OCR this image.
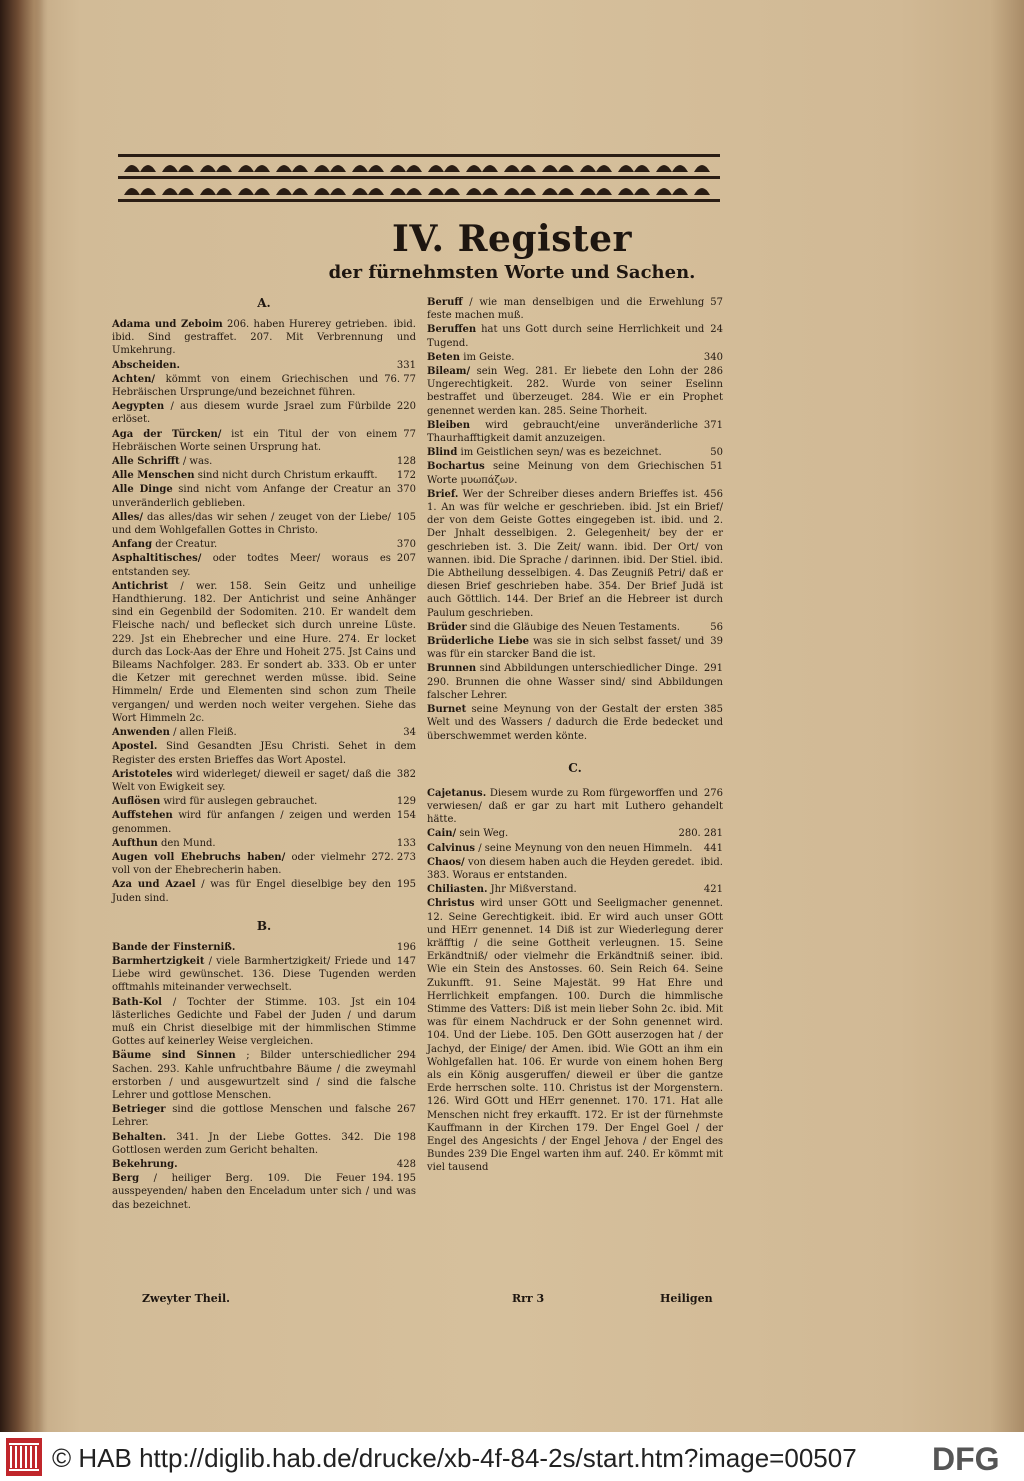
IV. Register
der fürnehmsten Worte und Sachen.
A.
ibid.
Adama und Zeboim 206. haben Hurerey getrieben. ibid. Sind gestraffet. 207. Mit Verbrennung und Umkehrung.
331
Abscheiden.
76. 77
Achten/ kömmt von einem Griechischen und Hebräischen Ursprunge/und bezeichnet führen.
220
Aegypten / aus diesem wurde Jsrael zum Fürbilde erlöset.
77
Aga der Türcken/ ist ein Titul der von einem Hebräischen Worte seinen Ursprung hat.
128
Alle Schrifft / was.
172
Alle Menschen sind nicht durch Christum erkaufft.
370
Alle Dinge sind nicht vom Anfange der Creatur an unveränderlich geblieben.
105
Alles/ das alles/das wir sehen / zeuget von der Liebe/ und dem Wohlgefallen Gottes in Christo.
370
Anfang der Creatur.
207
Asphaltitisches/ oder todtes Meer/ woraus es entstanden sey.
Antichrist / wer. 158. Sein Geitz und unheilige Handthierung. 182. Der Antichrist und seine Anhänger sind ein Gegenbild der Sodomiten. 210. Er wandelt dem Fleische nach/ und beflecket sich durch unreine Lüste. 229. Jst ein Ehebrecher und eine Hure. 274. Er locket durch das Lock-Aas der Ehre und Hoheit 275. Jst Cains und Bileams Nachfolger. 283. Er sondert ab. 333. Ob er unter die Ketzer mit gerechnet werden müsse. ibid. Seine Himmeln/ Erde und Elementen sind schon zum Theile vergangen/ und werden noch weiter vergehen. Siehe das Wort Himmeln 2c.
34
Anwenden / allen Fleiß.
Apostel. Sind Gesandten JEsu Christi. Sehet in dem Register des ersten Brieffes das Wort Apostel.
382
Aristoteles wird widerleget/ dieweil er saget/ daß die Welt von Ewigkeit sey.
129
Auflösen wird für auslegen gebrauchet.
154
Auffstehen wird für anfangen / zeigen und werden genommen.
133
Aufthun den Mund.
272. 273
Augen voll Ehebruchs haben/ oder vielmehr voll von der Ehebrecherin haben.
195
Aza und Azael / was für Engel dieselbige bey den Juden sind.
B.
196
Bande der Finsterniß.
147
Barmhertzigkeit / viele Barmhertzigkeit/ Friede und Liebe wird gewünschet. 136. Diese Tugenden werden offtmahls miteinander verwechselt.
104
Bath-Kol / Tochter der Stimme. 103. Jst ein lästerliches Gedichte und Fabel der Juden / und darum muß ein Christ dieselbige mit der himmlischen Stimme Gottes auf keinerley Weise vergleichen.
294
Bäume sind Sinnen ; Bilder unterschiedlicher Sachen. 293. Kahle unfruchtbahre Bäume / die zweymahl erstorben / und ausgewurtzelt sind / sind die falsche Lehrer und gottlose Menschen.
267
Betrieger sind die gottlose Menschen und falsche Lehrer.
198
Behalten. 341. Jn der Liebe Gottes. 342. Die Gottlosen werden zum Gericht behalten.
428
Bekehrung.
194. 195
Berg / heiliger Berg. 109. Die Feuer ausspeyenden/ haben den Enceladum unter sich / und was das bezeichnet.
57
Beruff / wie man denselbigen und die Erwehlung feste machen muß.
24
Beruffen hat uns Gott durch seine Herrlichkeit und Tugend.
340
Beten im Geiste.
286
Bileam/ sein Weg. 281. Er liebete den Lohn der Ungerechtigkeit. 282. Wurde von seiner Eselinn bestraffet und überzeuget. 284. Wie er ein Prophet genennet werden kan. 285. Seine Thorheit.
371
Bleiben wird gebraucht/eine unveränderliche Thaurhafftigkeit damit anzuzeigen.
50
Blind im Geistlichen seyn/ was es bezeichnet.
51
Bochartus seine Meinung von dem Griechischen Worte μυωπάζων.
456
Brief. Wer der Schreiber dieses andern Brieffes ist. 1. An was für welche er geschrieben. ibid. Jst ein Brief/ der von dem Geiste Gottes eingegeben ist. ibid. und 2. Der Jnhalt desselbigen. 2. Gelegenheit/ bey der er geschrieben ist. 3. Die Zeit/ wann. ibid. Der Ort/ von wannen. ibid. Die Sprache / darinnen. ibid. Der Stiel. ibid. Die Abtheilung desselbigen. 4. Das Zeugniß Petri/ daß er diesen Brief geschrieben habe. 354. Der Brief Judä ist auch Göttlich. 144. Der Brief an die Hebreer ist durch Paulum geschrieben.
56
Brüder sind die Gläubige des Neuen Testaments.
39
Brüderliche Liebe was sie in sich selbst fasset/ und was für ein starcker Band die ist.
291
Brunnen sind Abbildungen unterschiedlicher Dinge. 290. Brunnen die ohne Wasser sind/ sind Abbildungen falscher Lehrer.
385
Burnet seine Meynung von der Gestalt der ersten Welt und des Wassers / dadurch die Erde bedecket und überschwemmet werden könte.
C.
276
Cajetanus. Diesem wurde zu Rom fürgeworffen und verwiesen/ daß er gar zu hart mit Luthero gehandelt hätte.
280. 281
Cain/ sein Weg.
441
Calvinus / seine Meynung von den neuen Himmeln.
ibid.
Chaos/ von diesem haben auch die Heyden geredet. 383. Woraus er entstanden.
421
Chiliasten. Jhr Mißverstand.
Christus wird unser GOtt und Seeligmacher genennet. 12. Seine Gerechtigkeit. ibid. Er wird auch unser GOtt und HErr genennet. 14 Diß ist zur Wiederlegung derer kräfftig / die seine Gottheit verleugnen. 15. Seine Erkändtniß/ oder vielmehr die Erkändtniß seiner. ibid. Wie ein Stein des Anstosses. 60. Sein Reich 64. Seine Zukunfft. 91. Seine Majestät. 99 Hat Ehre und Herrlichkeit empfangen. 100. Durch die himmlische Stimme des Vatters: Diß ist mein lieber Sohn 2c. ibid. Mit was für einem Nachdruck er der Sohn genennet wird. 104. Und der Liebe. 105. Den GOtt auserzogen hat / der Jachyd, der Einige/ der Amen. ibid. Wie GOtt an ihm ein Wohlgefallen hat. 106. Er wurde von einem hohen Berg als ein König ausgeruffen/ dieweil er über die gantze Erde herrschen solte. 110. Christus ist der Morgenstern. 126. Wird GOtt und HErr genennet. 170. 171. Hat alle Menschen nicht frey erkaufft. 172. Er ist der fürnehmste Kauffmann in der Kirchen 179. Der Engel Goel / der Engel des Angesichts / der Engel Jehova / der Engel des Bundes 239 Die Engel warten ihm auf. 240. Er kömmt mit viel tausend
Zweyter Theil.	Rrr 3	Heiligen
© HAB http://diglib.hab.de/drucke/xb-4f-84-2s/start.htm?image=00507 DFG
